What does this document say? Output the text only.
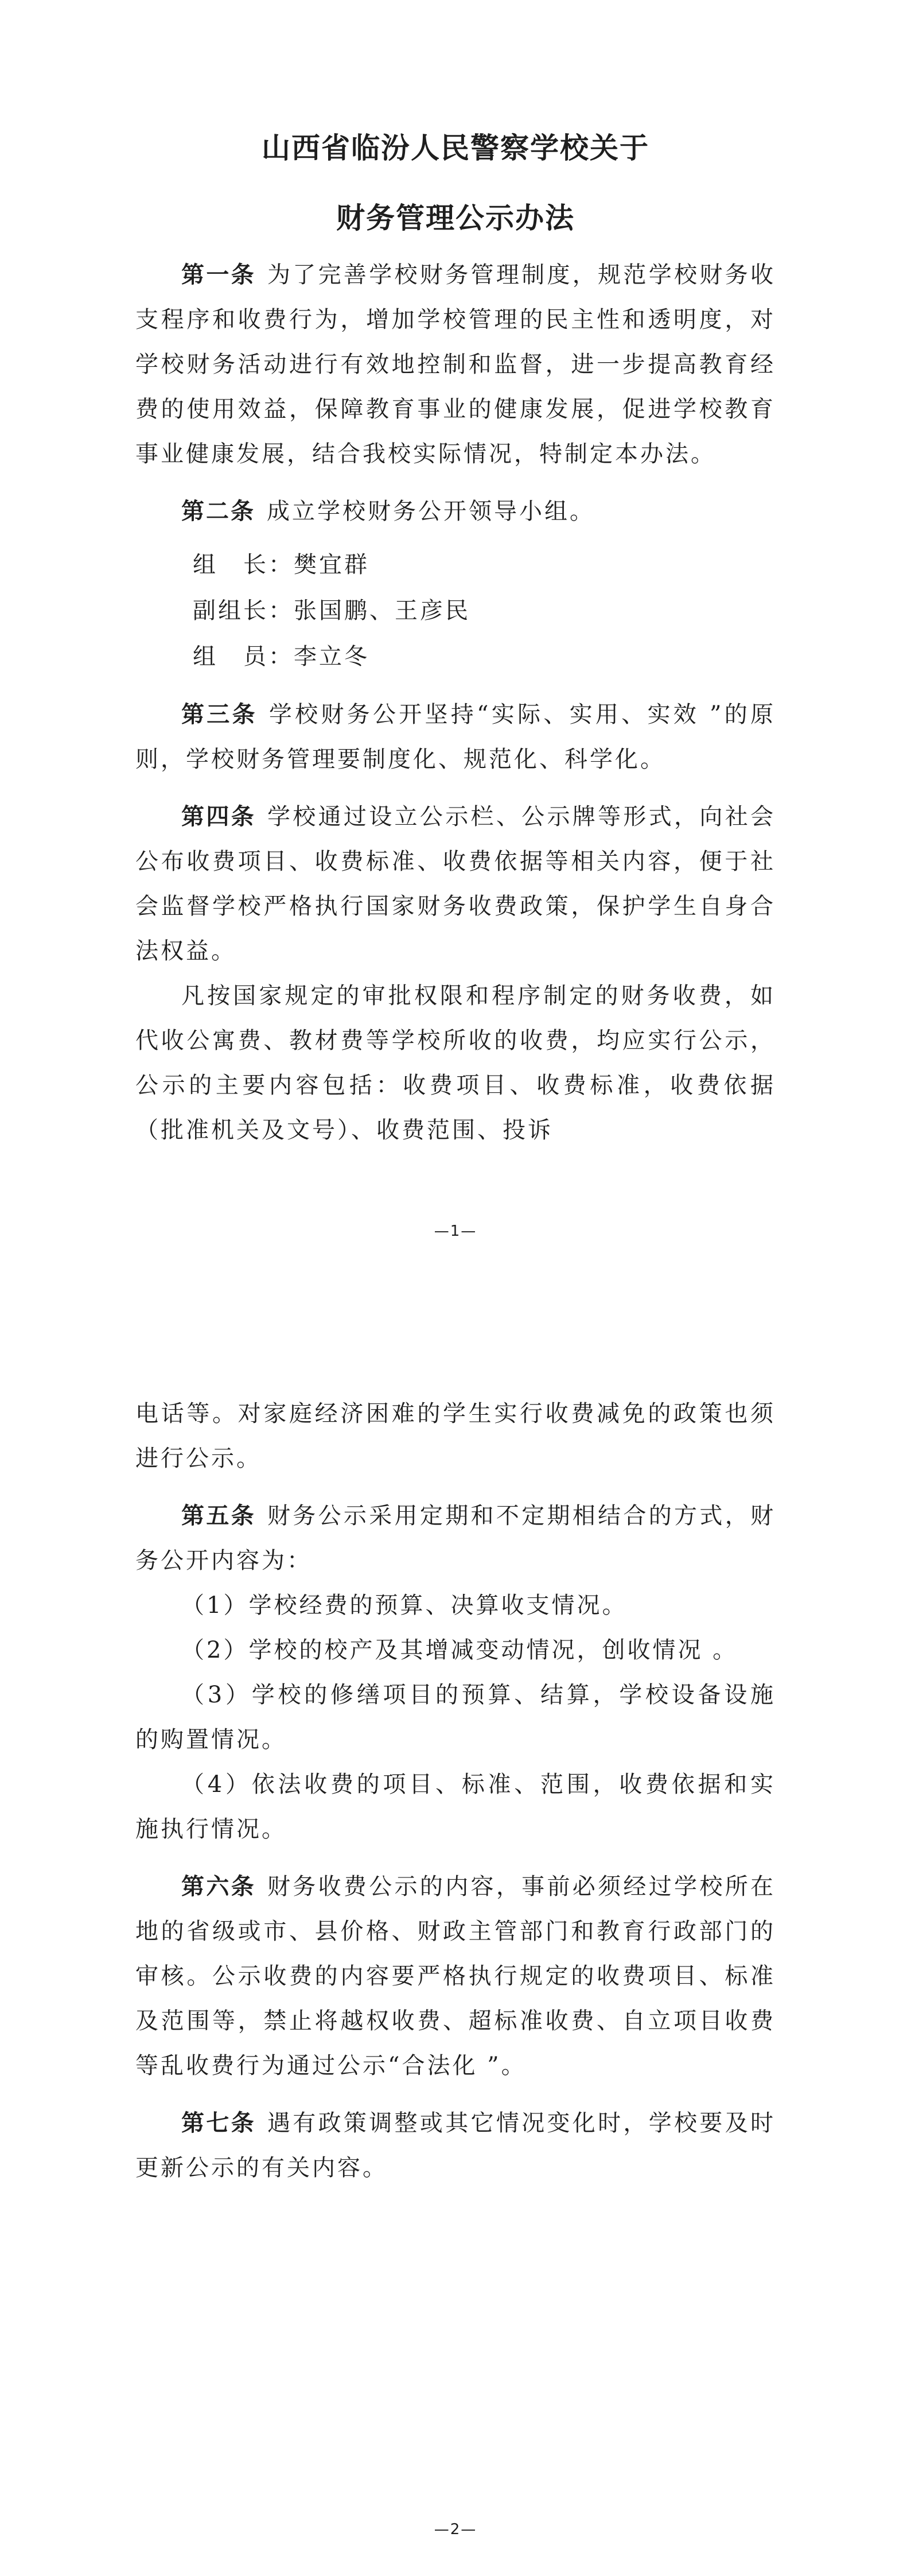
山西省临汾人民警察学校关于
财务管理公示办法

第一条 为了完善学校财务管理制度，规范学校财务收支程序和收费行为，增加学校管理的民主性和透明度，对学校财务活动进行有效地控制和监督，进一步提高教育经费的使用效益，保障教育事业的健康发展，促进学校教育事业健康发展，结合我校实际情况，特制定本办法。

第二条 成立学校财务公开领导小组。

组　长：樊宜群

副组长：张国鹏、王彦民

组　员：李立冬

第三条 学校财务公开坚持“实际、实用、实效 ”的原则，学校财务管理要制度化、规范化、科学化。

第四条 学校通过设立公示栏、公示牌等形式，向社会公布收费项目、收费标准、收费依据等相关内容，便于社会监督学校严格执行国家财务收费政策，保护学生自身合法权益。

凡按国家规定的审批权限和程序制定的财务收费，如代收公寓费、教材费等学校所收的收费，均应实行公示，公示的主要内容包括：收费项目、收费标准，收费依据（批准机关及文号）、收费范围、投诉

—1—

电话等。对家庭经济困难的学生实行收费减免的政策也须进行公示。

第五条 财务公示采用定期和不定期相结合的方式，财务公开内容为：

（1）学校经费的预算、决算收支情况。

（2）学校的校产及其增减变动情况，创收情况 。

（3）学校的修缮项目的预算、结算，学校设备设施的购置情况。

（4）依法收费的项目、标准、范围，收费依据和实施执行情况。

第六条 财务收费公示的内容，事前必须经过学校所在地的省级或市、县价格、财政主管部门和教育行政部门的审核。公示收费的内容要严格执行规定的收费项目、标准及范围等，禁止将越权收费、超标准收费、自立项目收费等乱收费行为通过公示“合法化 ”。

第七条 遇有政策调整或其它情况变化时，学校要及时更新公示的有关内容。

—2—
